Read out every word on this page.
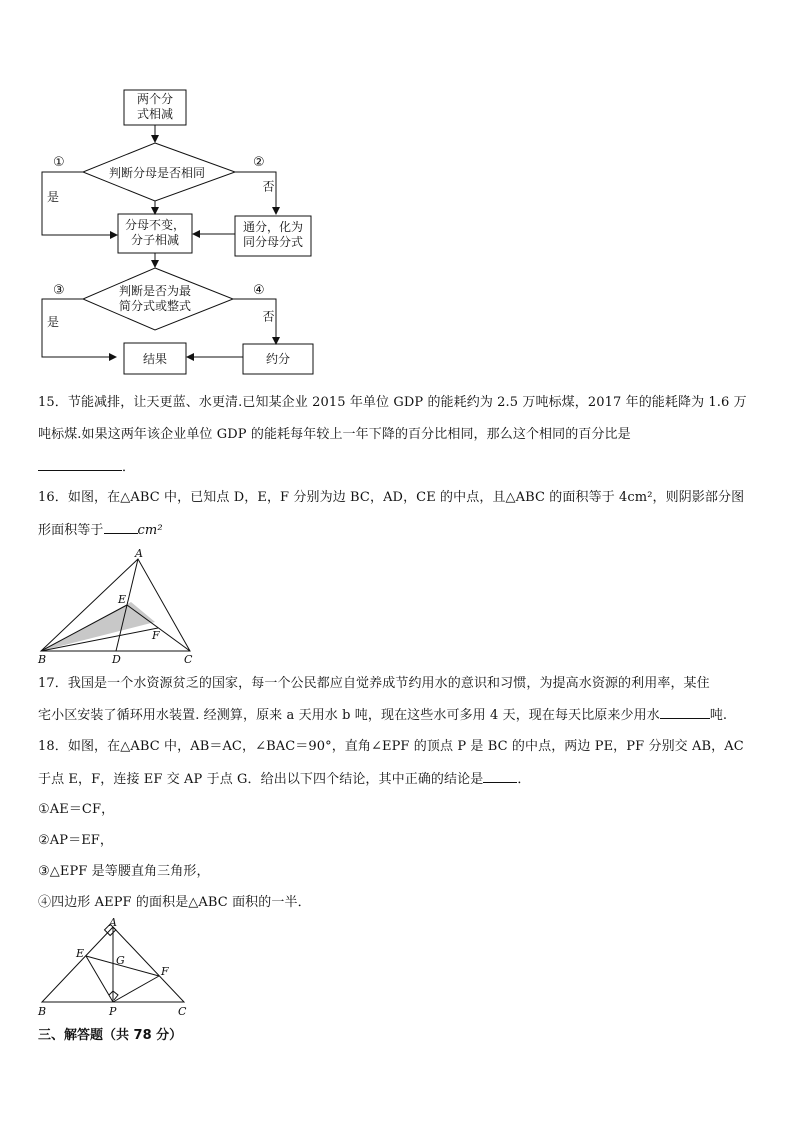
两个分
式相减
判断分母是否相同
分母不变，
分子相减
通分，化为
同分母分式
判断是否为最
简分式或整式
结果	约分
①	②
③	④
是
否
是	否
15．节能减排，让天更蓝、水更清.已知某企业 2015 年单位 GDP 的能耗约为 2.5 万吨标煤，2017 年的能耗降为 1.6 万
吨标煤.如果这两年该企业单位 GDP 的能耗每年较上一年下降的百分比相同，那么这个相同的百分比是
．
16．如图，在△ABC 中，已知点 D，E，F 分别为边 BC，AD，CE 的中点，且△ABC 的面积等于 4cm²，则阴影部分图
形面积等于	cm²
A
B	C
D
E
F
17．我国是一个水资源贫乏的国家，每一个公民都应自觉养成节约用水的意识和习惯，为提高水资源的利用率，某住
宅小区安装了循环用水装置. 经测算，原来 a 天用水 b 吨，现在这些水可多用 4 天，现在每天比原来少用水	吨.
18．如图，在△ABC 中，AB＝AC，∠BAC＝90°，直角∠EPF 的顶点 P 是 BC 的中点，两边 PE，PF 分别交 AB，AC
于点 E，F，连接 EF 交 AP 于点 G．给出以下四个结论，其中正确的结论是	．
①AE＝CF，
②AP＝EF，
③△EPF 是等腰直角三角形，
④四边形 AEPF 的面积是△ABC 面积的一半．
A
B	C
E
F
G
P
三、解答题（共 78 分）
